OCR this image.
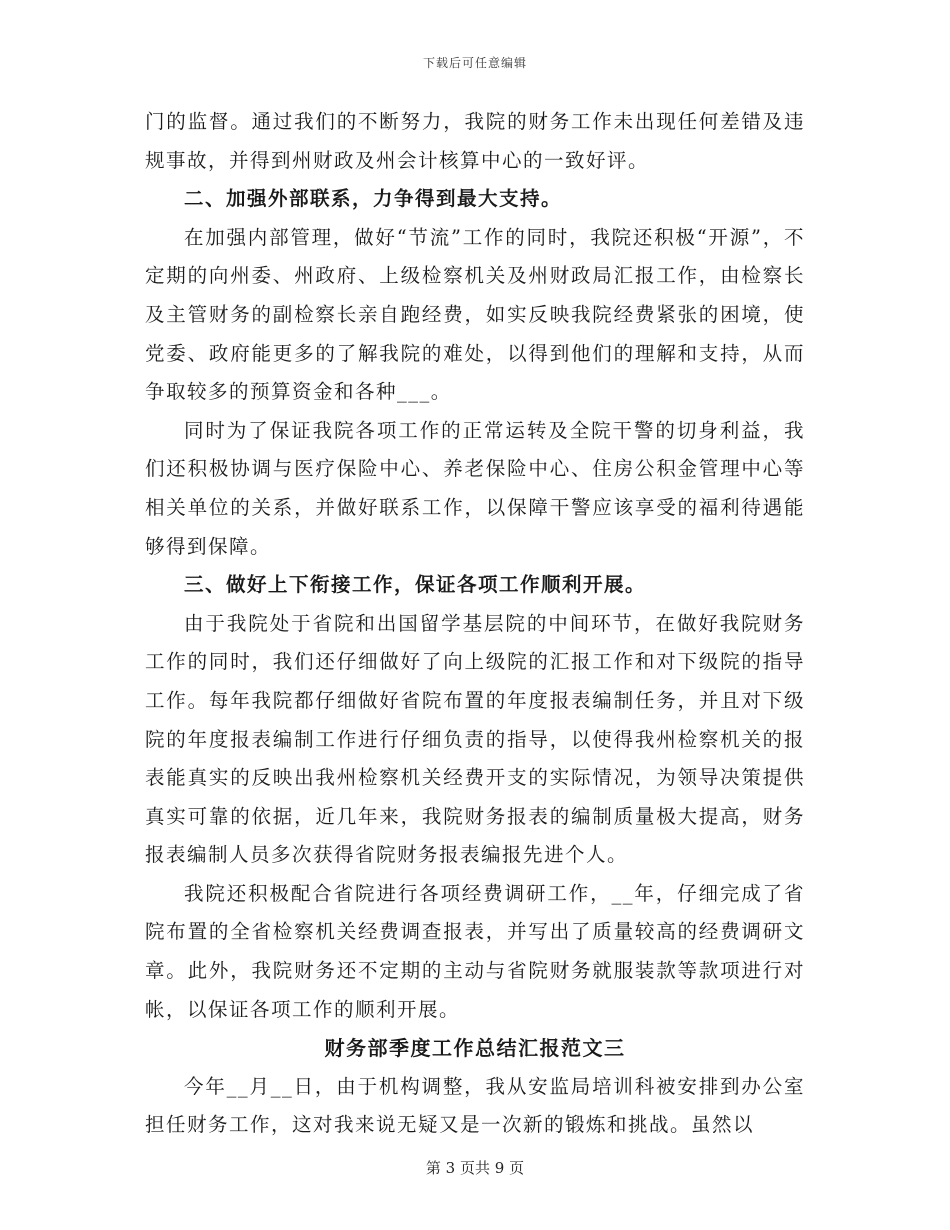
下载后可任意编辑

门的监督。通过我们的不断努力，我院的财务工作未出现任何差错及违规事故，并得到州财政及州会计核算中心的一致好评。

二、加强外部联系，力争得到最大支持。

在加强内部管理，做好“节流”工作的同时，我院还积极“开源”，不定期的向州委、州政府、上级检察机关及州财政局汇报工作，由检察长及主管财务的副检察长亲自跑经费，如实反映我院经费紧张的困境，使党委、政府能更多的了解我院的难处，以得到他们的理解和支持，从而争取较多的预算资金和各种___。

同时为了保证我院各项工作的正常运转及全院干警的切身利益，我们还积极协调与医疗保险中心、养老保险中心、住房公积金管理中心等相关单位的关系，并做好联系工作，以保障干警应该享受的福利待遇能够得到保障。

三、做好上下衔接工作，保证各项工作顺利开展。

由于我院处于省院和出国留学基层院的中间环节，在做好我院财务工作的同时，我们还仔细做好了向上级院的汇报工作和对下级院的指导工作。每年我院都仔细做好省院布置的年度报表编制任务，并且对下级院的年度报表编制工作进行仔细负责的指导，以使得我州检察机关的报表能真实的反映出我州检察机关经费开支的实际情况，为领导决策提供真实可靠的依据，近几年来，我院财务报表的编制质量极大提高，财务报表编制人员多次获得省院财务报表编报先进个人。

我院还积极配合省院进行各项经费调研工作，__年，仔细完成了省院布置的全省检察机关经费调查报表，并写出了质量较高的经费调研文章。此外，我院财务还不定期的主动与省院财务就服装款等款项进行对帐，以保证各项工作的顺利开展。

财务部季度工作总结汇报范文三

今年__月__日，由于机构调整，我从安监局培训科被安排到办公室担任财务工作，这对我来说无疑又是一次新的锻炼和挑战。虽然以

第 3 页共 9 页
